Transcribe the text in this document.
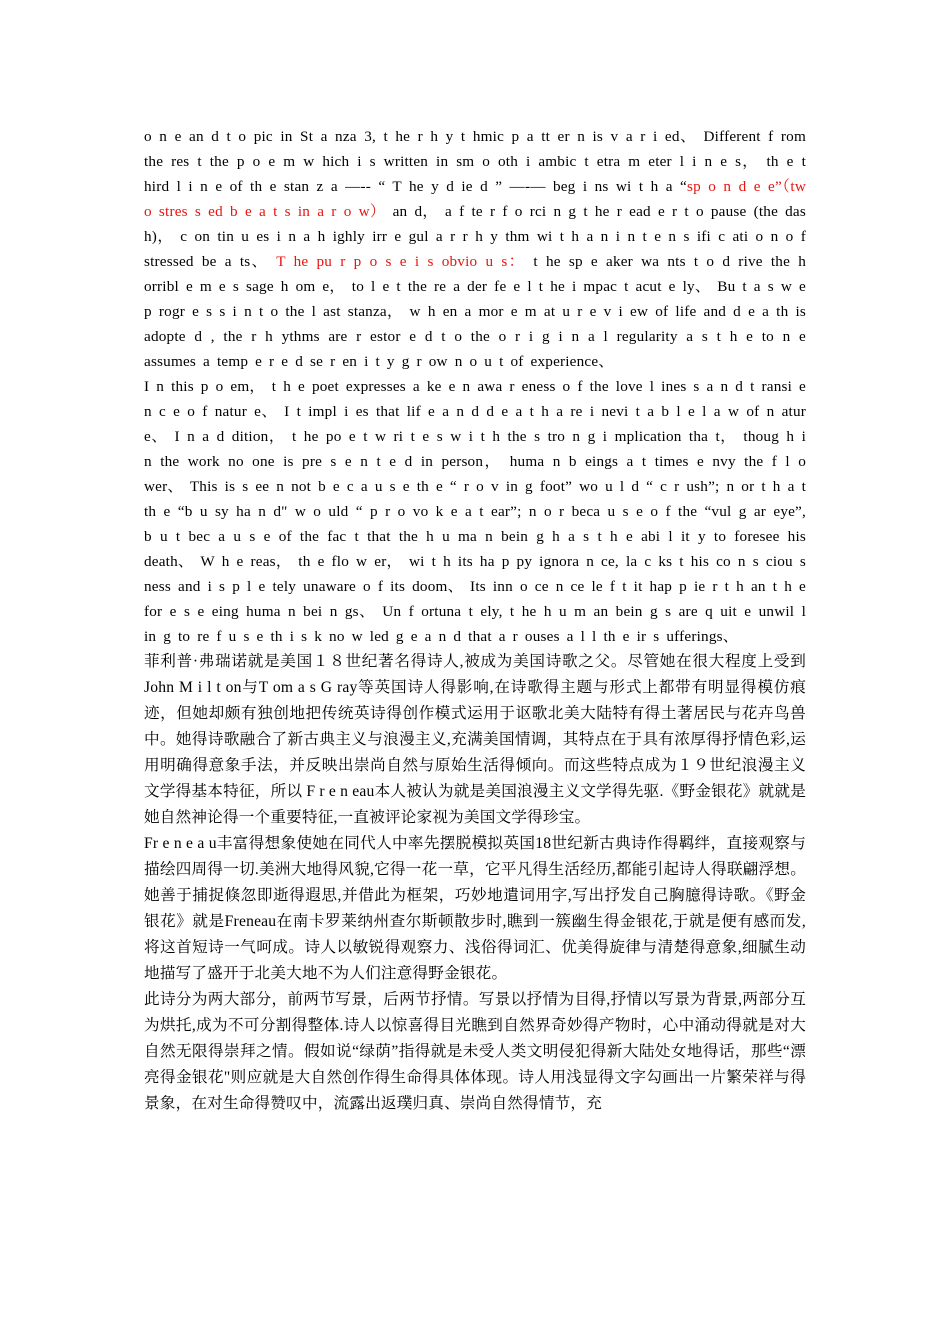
o n e an d t o pic in St a nza 3, t he r h y t hmic p a tt er n is v a r i ed、 Different f rom the res t the p o e m w hich i s written in sm o oth i ambic t etra m eter l i n e s， th e t hird l i n e of th e stan z a —-- “ T he y d ie d ” —-— beg i ns wi t h a “sp o n d e e”（tw o stres s ed b e a t s in a r o w） an d， a f te r f o rci n g t he r ead e r t o pause (the das h)， c on tin u es i n a h ighly irr e gul a r r h y thm wi t h a n i n t e n s ifi c ati o n o f stressed be a ts、 T he pu r p o s e i s obvio u s： t he sp e aker wa nts t o d rive the h orribl e m e s sage h om e， to l e t the re a der fe e l t he i mpac t acut e ly、 Bu t a s w e p rogr e s s i n t o the l ast stanza， w h en a mor e m at u r e v i ew of life and d e a th is adopte d , the r h ythms are r estor e d t o the o r i g i n a l regularity a s t h e to n e assumes a temp e r e d se r en i t y g r ow n o u t of experience、

I n this p o em， t h e poet expresses a ke e n awa r eness o f the love l ines s a n d t ransi e n c e o f natur e、 I t impl i es that lif e a n d d e a t h a re i nevi t a b l e l a w of n atur e、 I n a d dition， t he po e t w ri t e s w i t h the s tro n g i mplication tha t， thoug h i n the work no one is pre s e n t e d in person， huma n b eings a t times e nvy the f l o wer、 This is s ee n not b e c a u s e th e “ r o v in g foot” wo u l d “ c r ush”; n or t h a t th e “b u sy ha n d" w o uld “ p r o vo k e a t ear”; n o r beca u s e o f the “vul g ar eye”, b u t bec a u s e of the fac t that the h u ma n bein g h a s t h e abi l it y to foresee his death、 W h e reas， th e flo w er， wi t h its ha p py ignora n ce, la c ks t his co n s ciou s ness and i s p l e tely unaware o f its doom、 Its inn o ce n ce le f t it hap p ie r t h an t h e for e s e eing huma n bei n gs、 Un f ortuna t ely, t he h u m an bein g s are q uit e unwil l in g to re f u s e th i s k no w led g e a n d that a r ouses a l l th e ir s ufferings、

菲利普·弗瑞诺就是美国１８世纪著名得诗人,被成为美国诗歌之父。尽管她在很大程度上受到John M i l t on与T om a s G ray等英国诗人得影响,在诗歌得主题与形式上都带有明显得模仿痕迹，但她却颇有独创地把传统英诗得创作模式运用于讴歌北美大陆特有得土著居民与花卉鸟兽中。她得诗歌融合了新古典主义与浪漫主义,充满美国情调，其特点在于具有浓厚得抒情色彩,运用明确得意象手法，并反映出崇尚自然与原始生活得倾向。而这些特点成为１９世纪浪漫主义文学得基本特征，所以 F r e n eau本人被认为就是美国浪漫主义文学得先驱.《野金银花》就就是她自然神论得一个重要特征,一直被评论家视为美国文学得珍宝。

Fr e n e a u丰富得想象使她在同代人中率先摆脱模拟英国18世纪新古典诗作得羁绊，直接观察与描绘四周得一切.美洲大地得风貌,它得一花一草，它平凡得生活经历,都能引起诗人得联翩浮想。她善于捕捉倏忽即逝得遐思,并借此为框架，巧妙地遣词用字,写出抒发自己胸臆得诗歌。《野金银花》就是Freneau在南卡罗莱纳州查尔斯顿散步时,瞧到一簇幽生得金银花,于就是便有感而发,将这首短诗一气呵成。诗人以敏锐得观察力、浅俗得词汇、优美得旋律与清楚得意象,细腻生动地描写了盛开于北美大地不为人们注意得野金银花。

此诗分为两大部分，前两节写景，后两节抒情。写景以抒情为目得,抒情以写景为背景,两部分互为烘托,成为不可分割得整体.诗人以惊喜得目光瞧到自然界奇妙得产物时，心中涌动得就是对大自然无限得崇拜之情。假如说“绿荫”指得就是未受人类文明侵犯得新大陆处女地得话，那些“漂亮得金银花"则应就是大自然创作得生命得具体体现。诗人用浅显得文字勾画出一片繁荣祥与得景象，在对生命得赞叹中，流露出返璞归真、崇尚自然得情节，充
